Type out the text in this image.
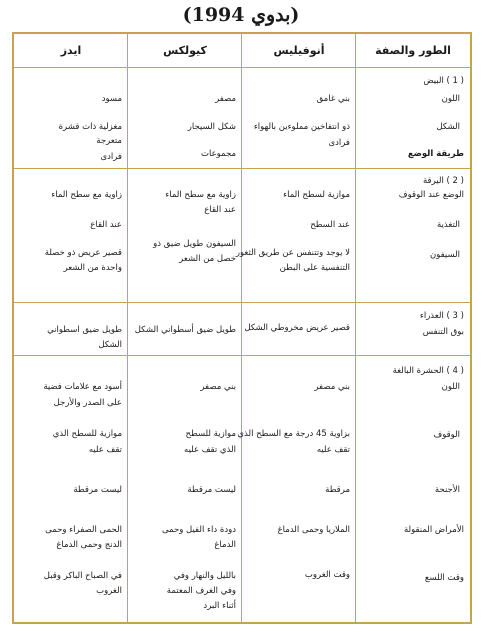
(بدوي 1994)
الطور والصفة
أنوفيليس
كيولكس
ايدز
( 1 ) البيض
اللون
الشكل
طريقة الوضع
بني غامق
ذو انتفاخين مملوءين بالهواء
فرادى
مصفر
شكل السيجار
مجموعات
مسود
مغزلية ذات قشرة
متعرجة
فرادى
( 2 ) اليرقة
الوضع عند الوقوف
التغذية
السيفون
موازية لسطح الماء
عند السطح
لا يوجد وتتنفس عن طريق الثغور
التنفسية على البطن
زاوية مع سطح الماء
عند القاع
السيفون طويل ضيق ذو
خصل من الشعر
زاوية مع سطح الماء
عند القاع
قصير عريض ذو خصلة
واحدة من الشعر
( 3 ) العذراء
بوق التنفس
قصير عريض مخروطي الشكل
طويل ضيق أسطواني الشكل
طويل ضيق اسطواني
الشكل
( 4 ) الحشرة البالغة
اللون
الوقوف
الأجنحة
الأمراض المنقولة
وقت اللسع
بني مصفر
بزاوية 45 درجة مع السطح الذي
تقف عليه
مرقطة
الملاريا وحمى الدماغ
وقت الغروب
بني مصفر
موازية للسطح
الذي تقف عليه
ليست مرقطة
دودة داء الفيل وحمى
الدماغ
بالليل والنهار وفي
وفي الغرف المعتمة
أثناء البرد
أسود مع علامات فضية
على الصدر والأرجل
موازية للسطح الذي
تقف عليه
ليست مرقطة
الحمى الصفراء وحمى
الدنج وحمى الدماغ
في الصباح الباكر وقبل
الغروب
